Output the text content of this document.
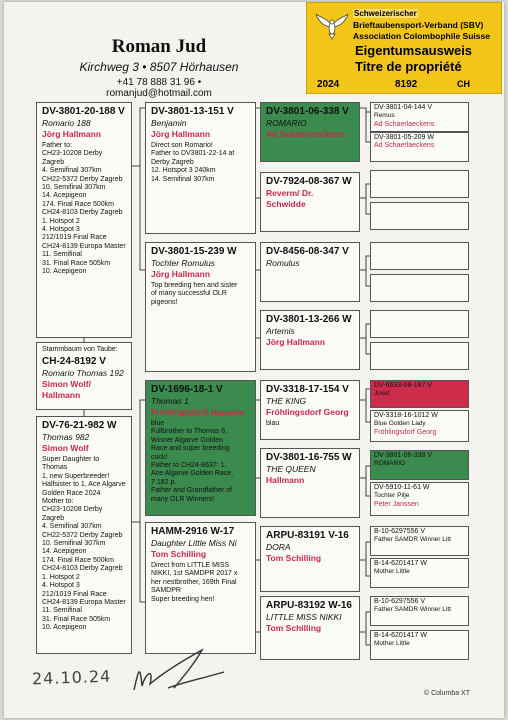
Roman Jud
Kirchweg 3 • 8507 Hörhausen
+41 78 888 31 96 • romanjud@hotmail.com
Schweizerischer
Brieftaubensport-Verband (SBV)
Association Colombophile Suisse
Eigentumsausweis
Titre de propriété
2024	8192	CH
DV-3801-20-188 V
Romario 188
Jörg Hallmann
Father to:
CH23-10208 Derby Zagreb
4. Semifinal 307km
CH22-5372 Derby Zagreb
10. Semifinal 307km
14. Acepigeon
174. Final Race 500km
CH24-8103 Derby Zagreb
1. Hotspot 2
4. Hotspot 3
212/1019 Final Race
CH24-8139 Europa Master
11. Semifinal
31. Final Race 505km
10. Acepigeon
Stammbaum von Taube:
CH-24-8192 V
Romario Thomas 192
Simon Wolf/ Hallmann
DV-76-21-982 W
Thomas 982
Simon Wolf
Super Daughter to Thomas
1, new Superbreeder!
Halfsister to 1. Ace Algarve
Golden Race 2024
Mother to:
CH23-10208 Derby Zagreb
4. Semifinal 307km
CH22-5372 Derby Zagreb
10. Semifinal 307km
14. Acepigeon
174. Final Race 500km
CH24-8103 Derby Zagreb
1. Hotspot 2
4. Hotspot 3
212/1019 Final Race
CH24-8139 Europa Master
11. Semifinal
31. Final Race 505km
10. Acepigeon
DV-3801-13-151 V
Benjamin
Jörg Hallmann
Direct son Romario!
Father to DV3801-22-14 at
Derby Zagreb
12. Hotspot 3 240km
14. Semifinal 307km
DV-3801-15-239 W
Tochter Romulus
Jörg Hallmann
Top breeding hen and sister
of many successful OLR
pigeons!
DV-1696-18-1 V
Thomas 1
Fröhlingsdorf/ Romeliu
blue
Fullbrother to Thomas 6,
Winner Algarve Golden
Race and super breeding
cock!
Father to CH24-8637: 1.
Ace Algarve Golden Race,
7.182 p.
Father and Grandfather of
many OLR Winners!
HAMM-2916 W-17
Daughter Little Miss Ni
Tom Schilling
Direct from LITTLE MISS
NIKKI, 1st SAMDPR 2017 x
her nestbrother, 169th Final
SAMDPR
Super breeding hen!
DV-3801-06-338 V
ROMARIO
Ad Schaerlaeckens
DV-7924-08-367 W
Reverm/ Dr. Schwidde
DV-8456-08-347 V
Romulus
DV-3801-13-266 W
Artemis
Jörg Hallmann
DV-3318-17-154 V
THE KING
Fröhlingsdorf Georg
blau
DV-3801-16-755 W
THE QUEEN
Hallmann
ARPU-83191 V-16
DORA
Tom Schilling
ARPU-83192 W-16
LITTLE MISS NIKKI
Tom Schilling
DV-3801-04-144 V
Remus
Ad Schaerlaeckens
DV-3801-05-209 W
Ad Schaerlaeckens
DV-6633-08-187 V
Josef
DV-3318-16-1012 W
Blue Golden Lady
Fröhlingsdorf Georg
DV-3801-06-338 V
ROMARIO
DV-5910-11-61 W
Tochter Pilje
Peter Janssen
B-10-6297556 V
Father SAMDR Winner Litt
B-14-6201417 W
Mother Little
B-10-6297556 V
Father SAMDR Winner Litt
B-14-6201417 W
Mother Little
24.10.24
© Columba XT
